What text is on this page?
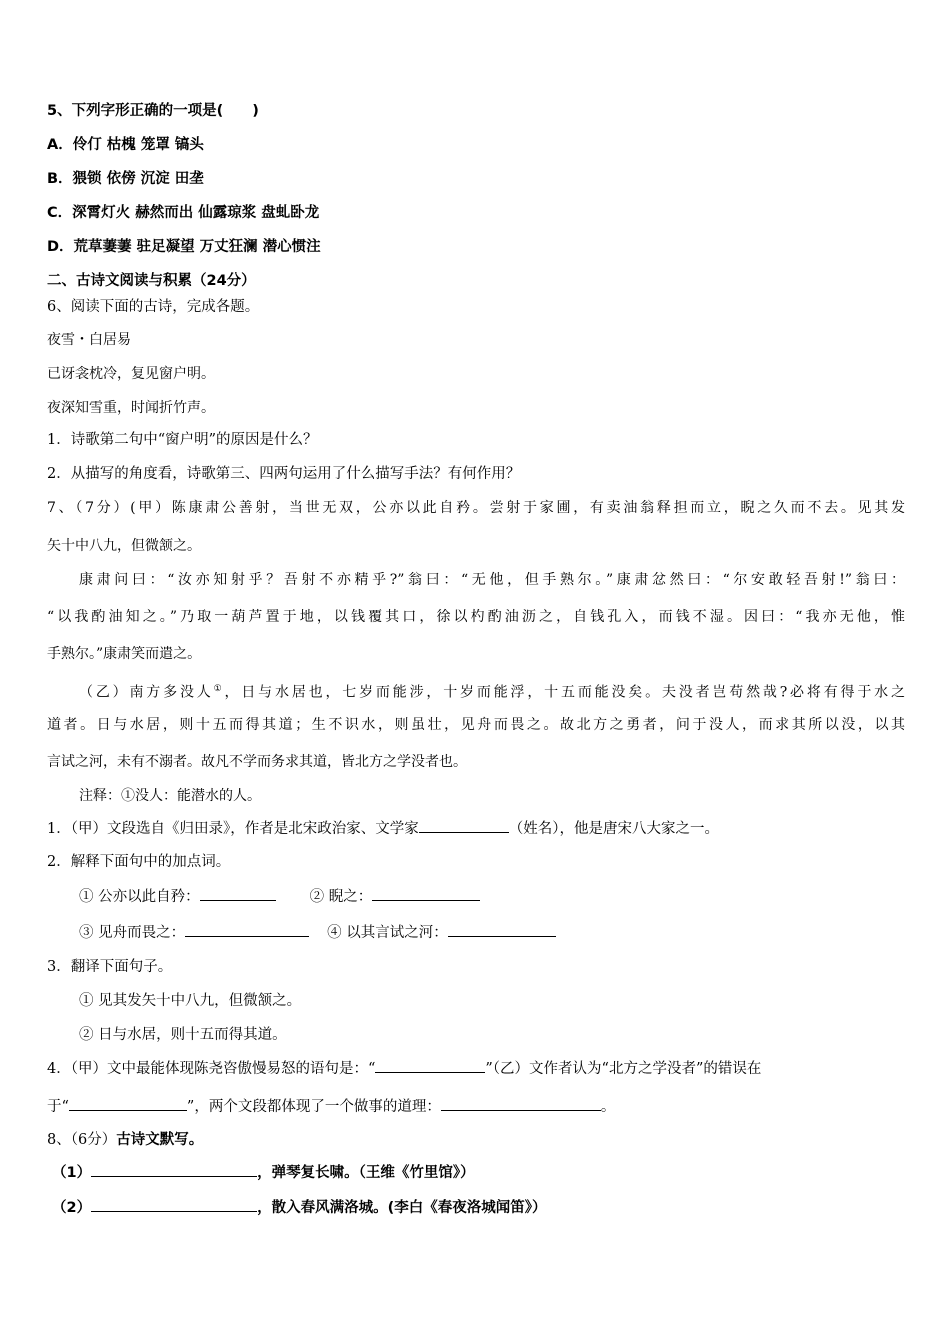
5、下列字形正确的一项是(　　)
A．伶仃 枯槐 笼罩 镐头
B．猥锁 依傍 沉淀 田垄
C．深霄灯火 赫然而出 仙露琼浆 盘虬卧龙
D．荒草萋萋 驻足凝望 万丈狂澜 潜心惯注
二、古诗文阅读与积累（24分）
6、阅读下面的古诗，完成各题。
夜雪・白居易
已讶衾枕冷，复见窗户明。
夜深知雪重，时闻折竹声。
1．诗歌第二句中“窗户明”的原因是什么？
2．从描写的角度看，诗歌第三、四两句运用了什么描写手法？有何作用？
7、（7分）(甲）陈康肃公善射，当世无双，公亦以此自矜。尝射于家圃，有卖油翁释担而立，睨之久而不去。见其发
矢十中八九，但微颔之。
康肃问曰：“汝亦知射乎？吾射不亦精乎?”翁曰：“无他，但手熟尔。”康肃忿然曰：“尔安敢轻吾射!”翁曰：
“以我酌油知之。”乃取一葫芦置于地，以钱覆其口，徐以杓酌油沥之，自钱孔入，而钱不湿。因曰：“我亦无他，惟
手熟尔。”康肃笑而遣之。
（乙）南方多没人①，日与水居也，七岁而能涉，十岁而能浮，十五而能没矣。夫没者岂苟然哉?必将有得于水之
道者。日与水居，则十五而得其道；生不识水，则虽壮，见舟而畏之。故北方之勇者，问于没人，而求其所以没，以其
言试之河，未有不溺者。故凡不学而务求其道，皆北方之学没者也。
注释：①没人：能潜水的人。
1．（甲）文段选自《归田录》，作者是北宋政治家、文学家	（姓名），他是唐宋八大家之一。
2．解释下面句中的加点词。
① 公亦以此自矜：	② 睨之：
③ 见舟而畏之：	④ 以其言试之河：
3．翻译下面句子。
① 见其发矢十中八九，但微颔之。
② 日与水居，则十五而得其道。
4．（甲）文中最能体现陈尧咨傲慢易怒的语句是：“	”（乙）文作者认为“北方之学没者”的错误在
于“	”，两个文段都体现了一个做事的道理：	。
8、（6分）古诗文默写。
（1）	，弹琴复长啸。（王维《竹里馆》）
（2）	，散入春风满洛城。(李白《春夜洛城闻笛》）
